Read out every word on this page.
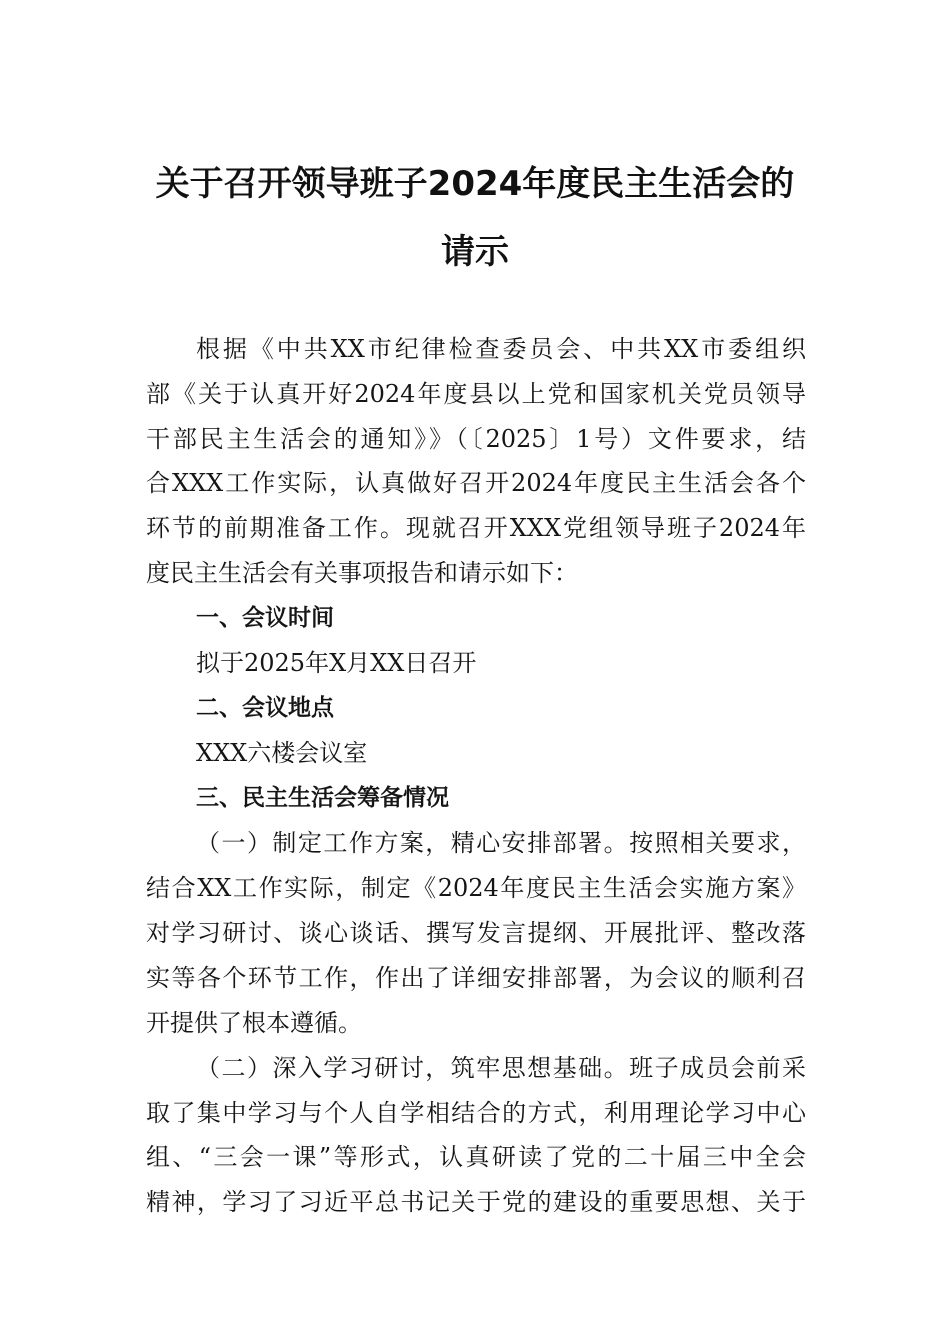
关于召开领导班子2024年度民主生活会的
请示
根据《中共XX市纪律检查委员会、中共XX市委组织
部《关于认真开好2024年度县以上党和国家机关党员领导
干部民主生活会的通知》》（〔2025〕1号）文件要求，结
合XXX工作实际，认真做好召开2024年度民主生活会各个
环节的前期准备工作。现就召开XXX党组领导班子2024年
度民主生活会有关事项报告和请示如下：
一、会议时间
拟于2025年X月XX日召开
二、会议地点
XXX六楼会议室
三、民主生活会筹备情况
（一）制定工作方案，精心安排部署。按照相关要求，
结合XX工作实际，制定《2024年度民主生活会实施方案》
对学习研讨、谈心谈话、撰写发言提纲、开展批评、整改落
实等各个环节工作，作出了详细安排部署，为会议的顺利召
开提供了根本遵循。
（二）深入学习研讨，筑牢思想基础。班子成员会前采
取了集中学习与个人自学相结合的方式，利用理论学习中心
组、“三会一课”等形式，认真研读了党的二十届三中全会
精神，学习了习近平总书记关于党的建设的重要思想、关于
